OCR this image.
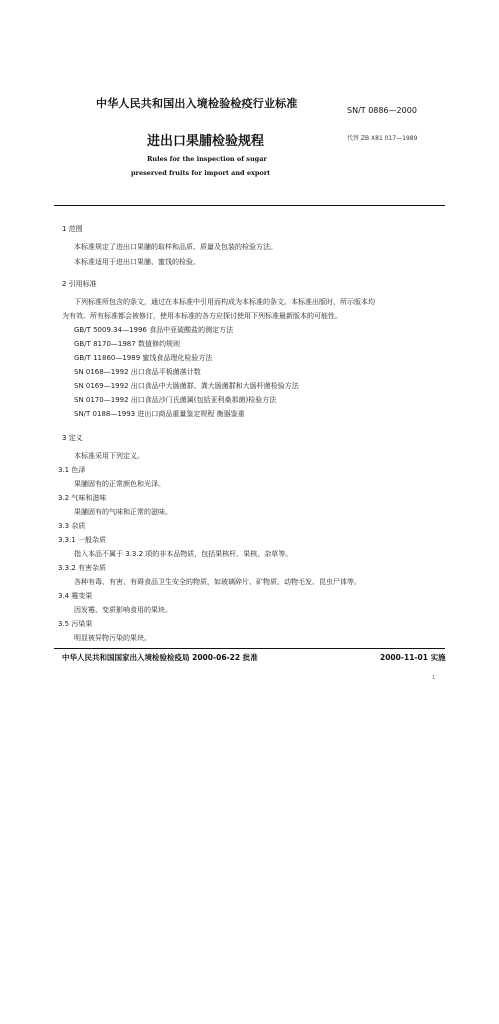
中华人民共和国出入境检验检疫行业标准
SN/T 0886—2000
进出口果脯检验规程	代替 ZB X81 017—1989
Rules for the inspection of sugar
preserved fruits for import and export
1 范围
本标准规定了进出口果脯的取样和品质、质量及包装的检验方法。
本标准适用于进出口果脯、蜜饯的检验。
2 引用标准
下列标准所包含的条文，通过在本标准中引用而构成为本标准的条文。本标准出版时，所示版本均
为有效。所有标准都会被修订，使用本标准的各方应探讨使用下列标准最新版本的可能性。
GB/T 5009.34—1996 食品中亚硫酸盐的测定方法
GB/T 8170—1987 数值修约规则
GB/T 11860—1989 蜜饯食品理化检验方法
SN 0168—1992 出口食品平板菌落计数
SN 0169—1992 出口食品中大肠菌群、粪大肠菌群和大肠杆菌检验方法
SN 0170—1992 出口食品沙门氏菌属(包括亚利桑那菌)检验方法
SN/T 0188—1993 进出口商品重量鉴定规程 衡器鉴重
3 定义
本标准采用下列定义。
3.1 色泽
果脯固有的正常颜色和光泽。
3.2 气味和滋味
果脯固有的气味和正常的滋味。
3.3 杂质
3.3.1 一般杂质
指入本品不属于 3.3.2 项的非本品物质，包括果核杆、果核、杂草等。
3.3.2 有害杂质
各种有毒、有害、有碍食品卫生安全的物质，如玻璃碎片、矿物质、动物毛发、昆虫尸体等。
3.4 霉变果
因发霉、变质影响食用的果块。
3.5 污染果
明显被异物污染的果块。
中华人民共和国国家出入境检验检疫局 2000-06-22 批准	2000-11-01 实施
1
